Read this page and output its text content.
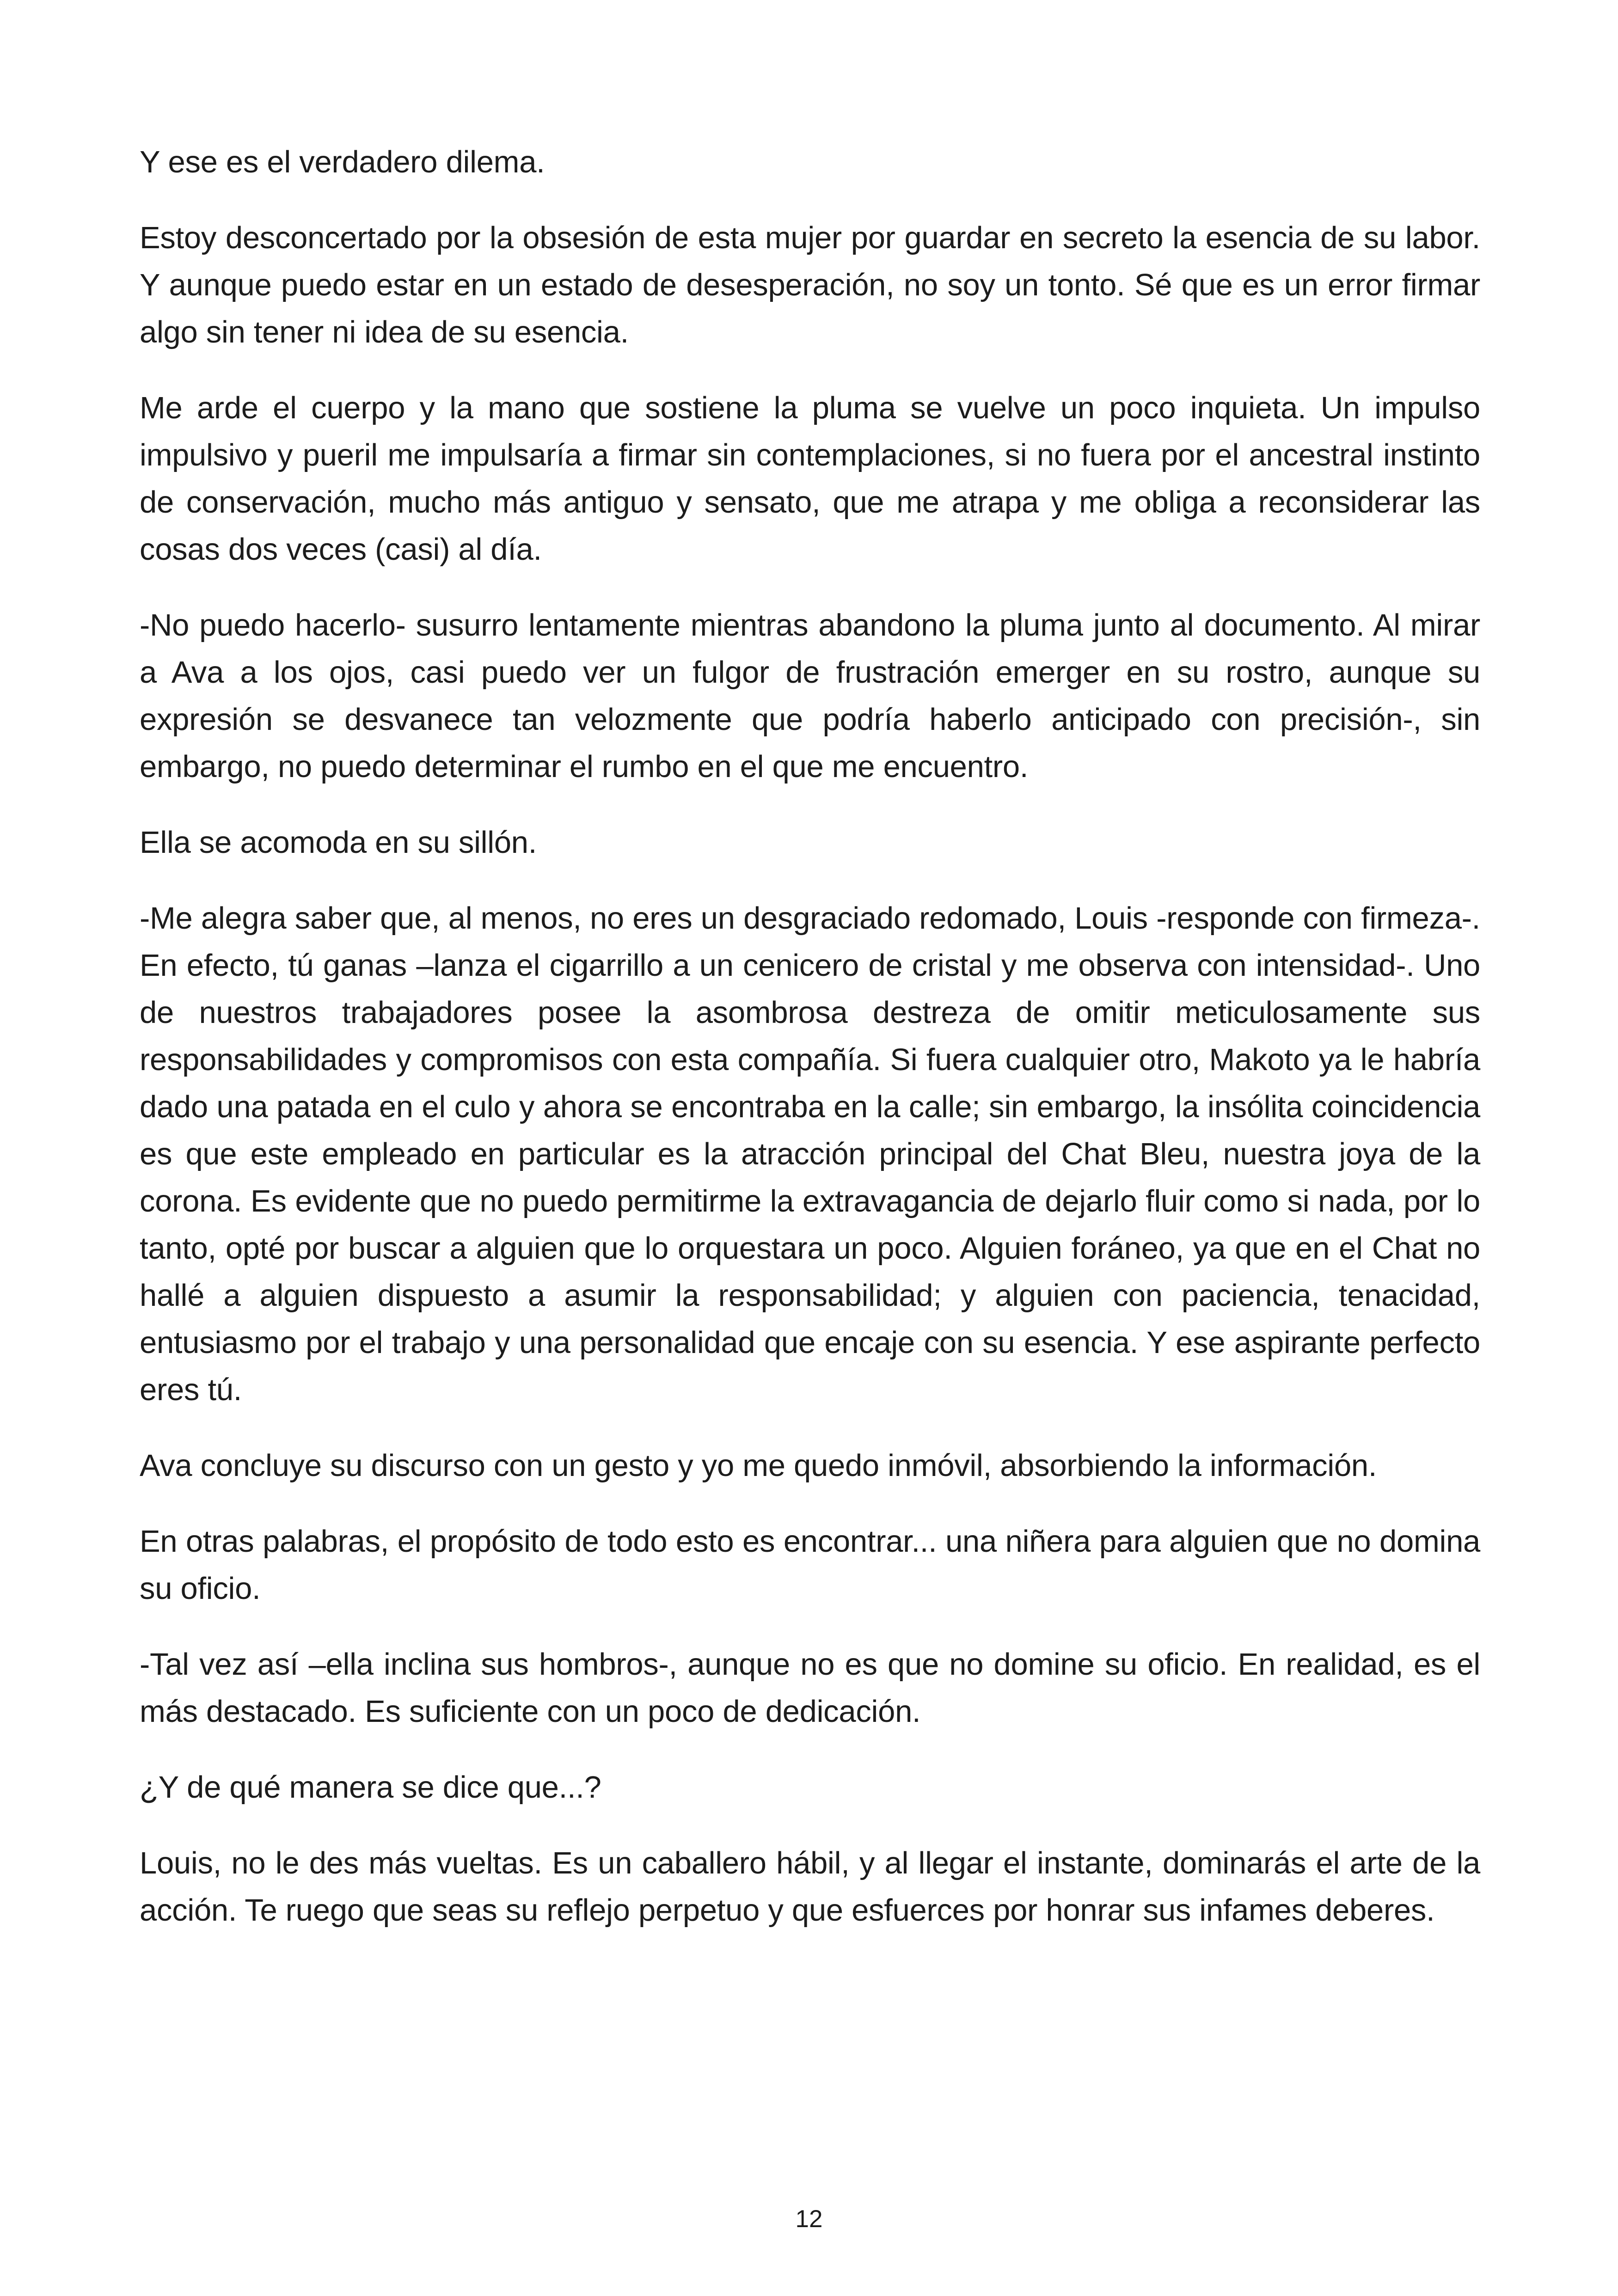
Y ese es el verdadero dilema.

Estoy desconcertado por la obsesión de esta mujer por guardar en secreto la esencia de su labor. Y aunque puedo estar en un estado de desesperación, no soy un tonto. Sé que es un error firmar algo sin tener ni idea de su esencia.

Me arde el cuerpo y la mano que sostiene la pluma se vuelve un poco inquieta. Un impulso impulsivo y pueril me impulsaría a firmar sin contemplaciones, si no fuera por el ancestral instinto de conservación, mucho más antiguo y sensato, que me atrapa y me obliga a reconsiderar las cosas dos veces (casi) al día.

-No puedo hacerlo- susurro lentamente mientras abandono la pluma junto al documento. Al mirar a Ava a los ojos, casi puedo ver un fulgor de frustración emerger en su rostro, aunque su expresión se desvanece tan velozmente que podría haberlo anticipado con precisión-, sin embargo, no puedo determinar el rumbo en el que me encuentro.

Ella se acomoda en su sillón.

-Me alegra saber que, al menos, no eres un desgraciado redomado, Louis -responde con firmeza-. En efecto, tú ganas –lanza el cigarrillo a un cenicero de cristal y me observa con intensidad-. Uno de nuestros trabajadores posee la asombrosa destreza de omitir meticulosamente sus responsabilidades y compromisos con esta compañía. Si fuera cualquier otro, Makoto ya le habría dado una patada en el culo y ahora se encontraba en la calle; sin embargo, la insólita coincidencia es que este empleado en particular es la atracción principal del Chat Bleu, nuestra joya de la corona. Es evidente que no puedo permitirme la extravagancia de dejarlo fluir como si nada, por lo tanto, opté por buscar a alguien que lo orquestara un poco. Alguien foráneo, ya que en el Chat no hallé a alguien dispuesto a asumir la responsabilidad; y alguien con paciencia, tenacidad, entusiasmo por el trabajo y una personalidad que encaje con su esencia. Y ese aspirante perfecto eres tú.

Ava concluye su discurso con un gesto y yo me quedo inmóvil, absorbiendo la información.

En otras palabras, el propósito de todo esto es encontrar... una niñera para alguien que no domina su oficio.

-Tal vez así –ella inclina sus hombros-, aunque no es que no domine su oficio. En realidad, es el más destacado. Es suficiente con un poco de dedicación.

¿Y de qué manera se dice que...?

Louis, no le des más vueltas. Es un caballero hábil, y al llegar el instante, dominarás el arte de la acción. Te ruego que seas su reflejo perpetuo y que esfuerces por honrar sus infames deberes.

12
